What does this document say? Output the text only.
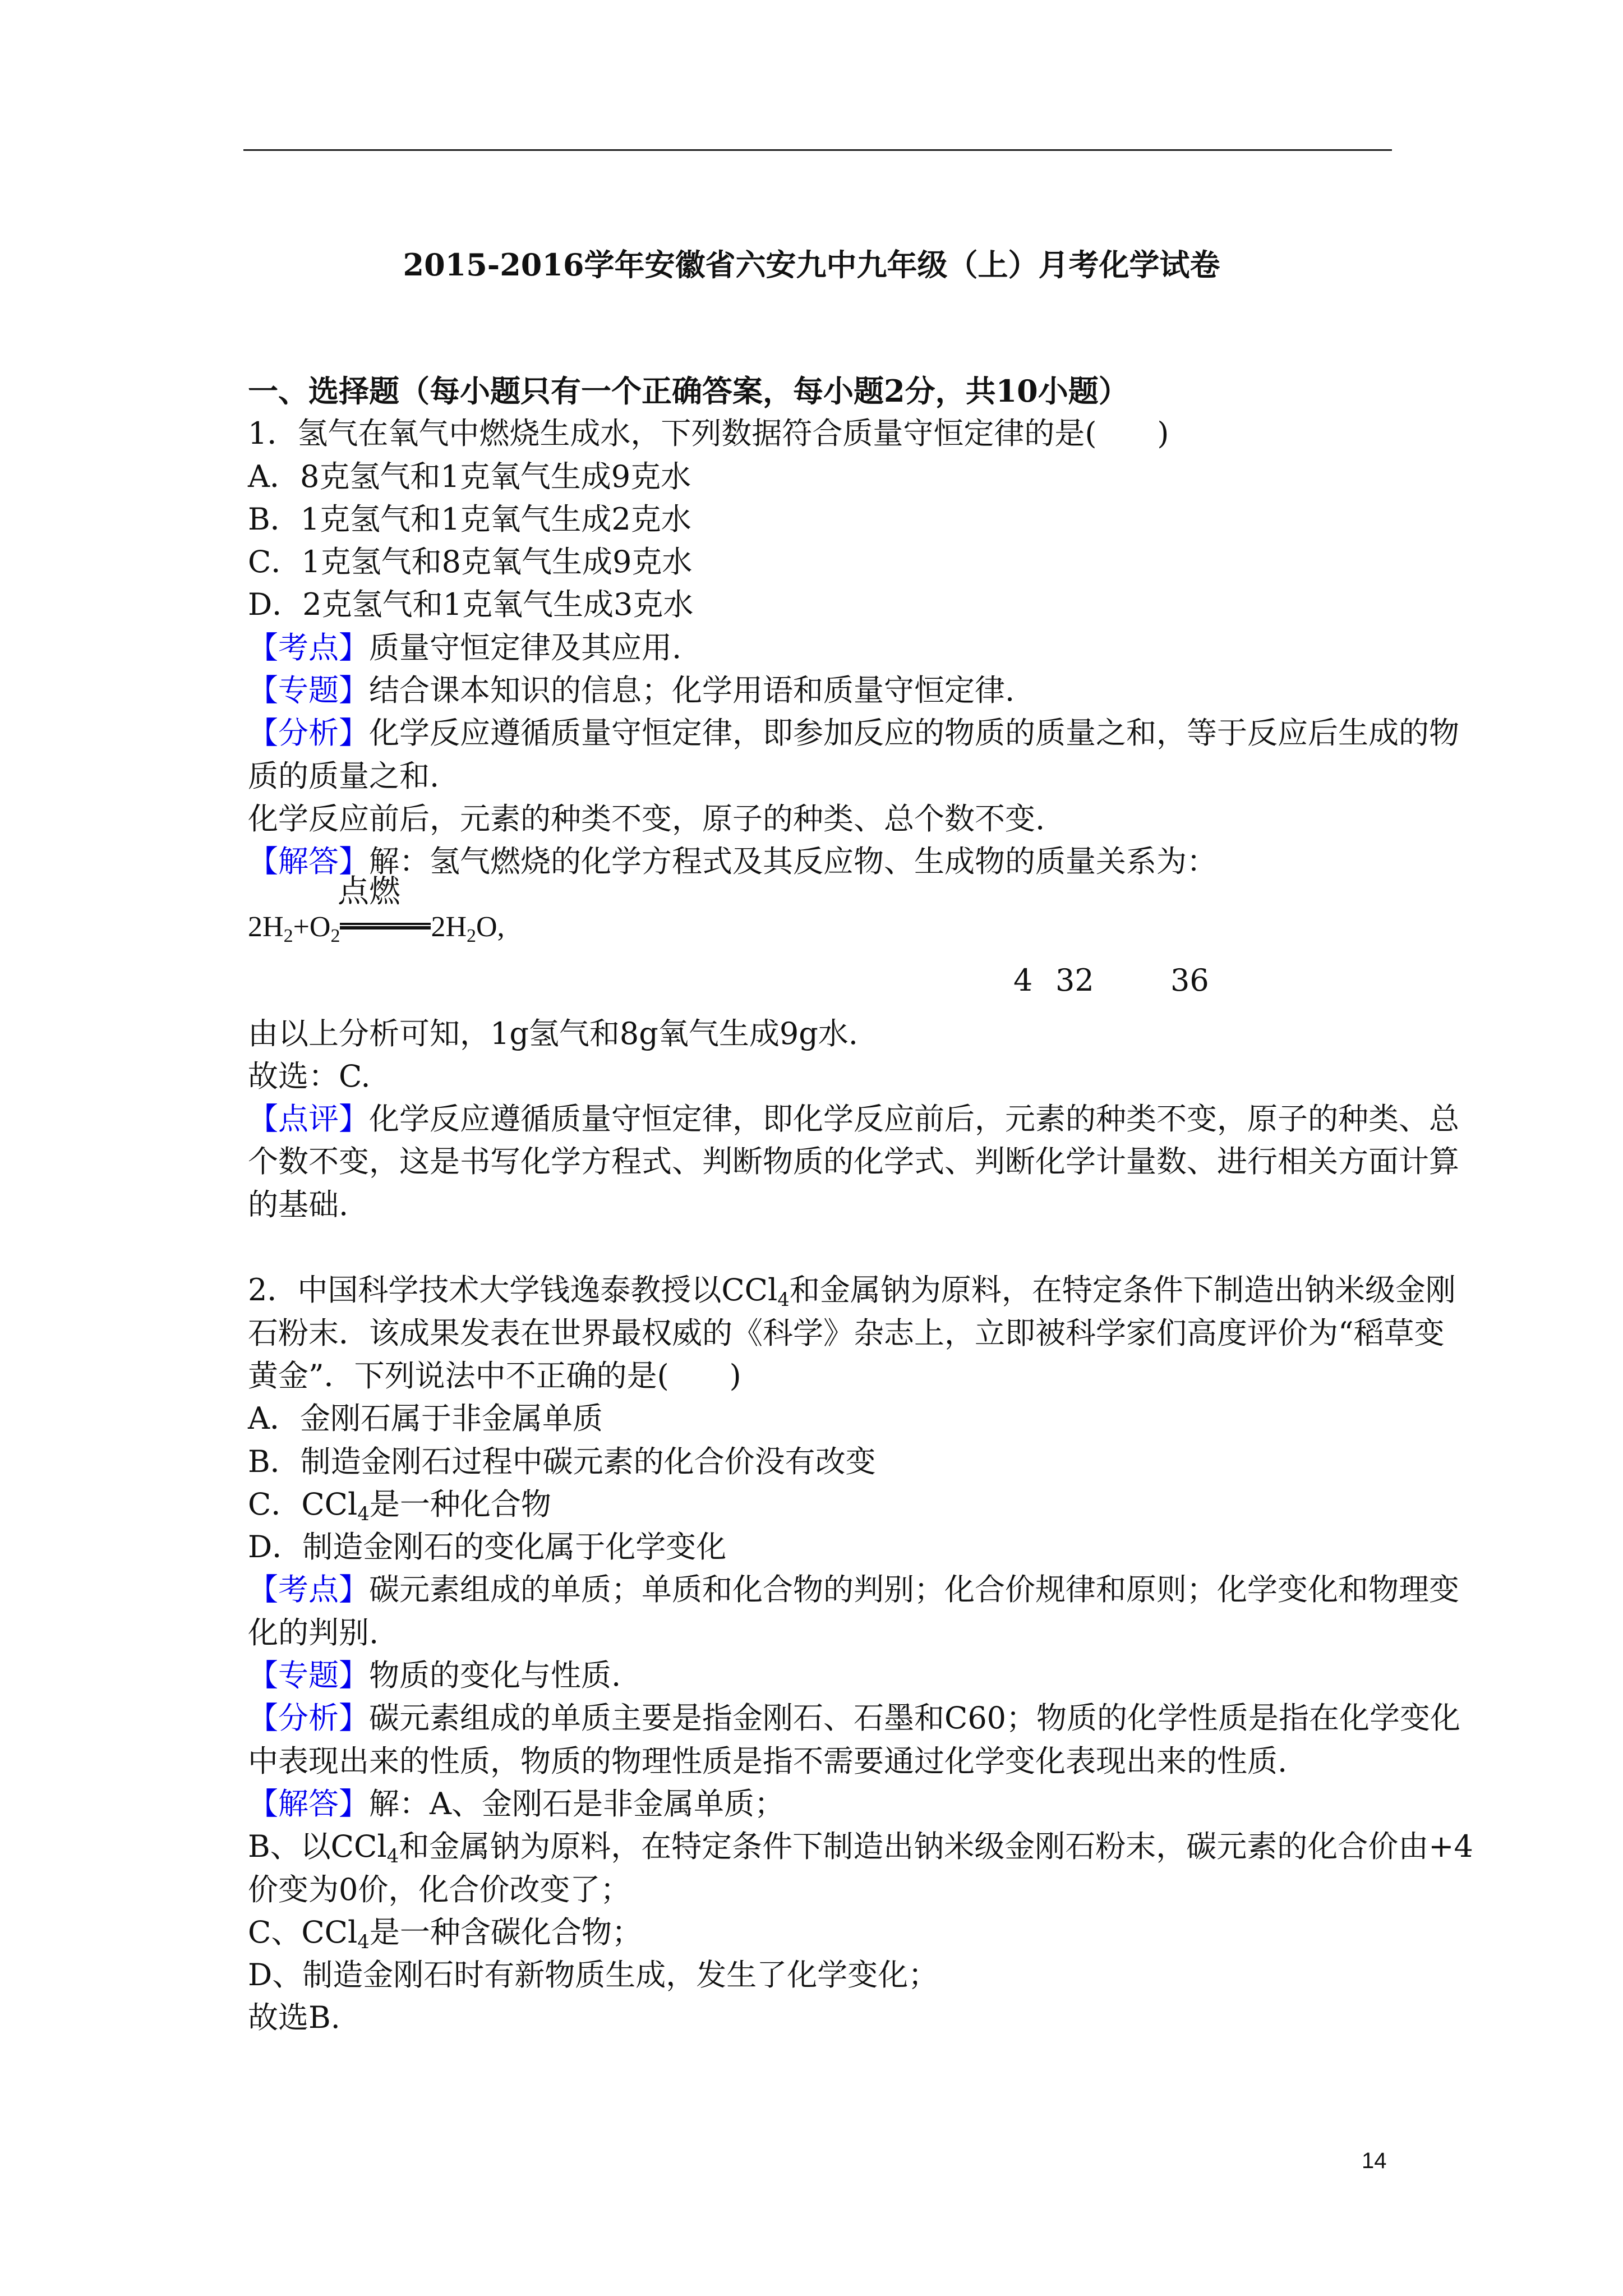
2015-2016学年安徽省六安九中九年级（上）月考化学试卷
一、选择题（每小题只有一个正确答案，每小题2分，共10小题）
1．氢气在氧气中燃烧生成水，下列数据符合质量守恒定律的是(　　)
A．8克氢气和1克氧气生成9克水
B．1克氢气和1克氧气生成2克水
C．1克氢气和8克氧气生成9克水
D．2克氢气和1克氧气生成3克水
【考点】质量守恒定律及其应用.
【专题】结合课本知识的信息；化学用语和质量守恒定律.
【分析】化学反应遵循质量守恒定律，即参加反应的物质的质量之和，等于反应后生成的物
质的质量之和.
化学反应前后，元素的种类不变，原子的种类、总个数不变.
【解答】解：氢气燃烧的化学方程式及其反应物、生成物的质量关系为：
点燃
$2H_2+O_2$	$2H_2O$,
4 32	36
由以上分析可知，1g氢气和8g氧气生成9g水.
故选：C.
【点评】化学反应遵循质量守恒定律，即化学反应前后，元素的种类不变，原子的种类、总
个数不变，这是书写化学方程式、判断物质的化学式、判断化学计量数、进行相关方面计算
的基础.
2．中国科学技术大学钱逸泰教授以CCl$_4$和金属钠为原料，在特定条件下制造出钠米级金刚
石粉末．该成果发表在世界最权威的《科学》杂志上，立即被科学家们高度评价为“稻草变
黄金”．下列说法中不正确的是(　　)
A．金刚石属于非金属单质
B．制造金刚石过程中碳元素的化合价没有改变
C．CCl$_4$是一种化合物
D．制造金刚石的变化属于化学变化
【考点】碳元素组成的单质；单质和化合物的判别；化合价规律和原则；化学变化和物理变
化的判别.
【专题】物质的变化与性质.
【分析】碳元素组成的单质主要是指金刚石、石墨和C60；物质的化学性质是指在化学变化
中表现出来的性质，物质的物理性质是指不需要通过化学变化表现出来的性质.
【解答】解：A、金刚石是非金属单质；
B、以CCl$_4$和金属钠为原料，在特定条件下制造出钠米级金刚石粉末，碳元素的化合价由+4
价变为0价，化合价改变了；
C、CCl$_4$是一种含碳化合物；
D、制造金刚石时有新物质生成，发生了化学变化；
故选B.
14
